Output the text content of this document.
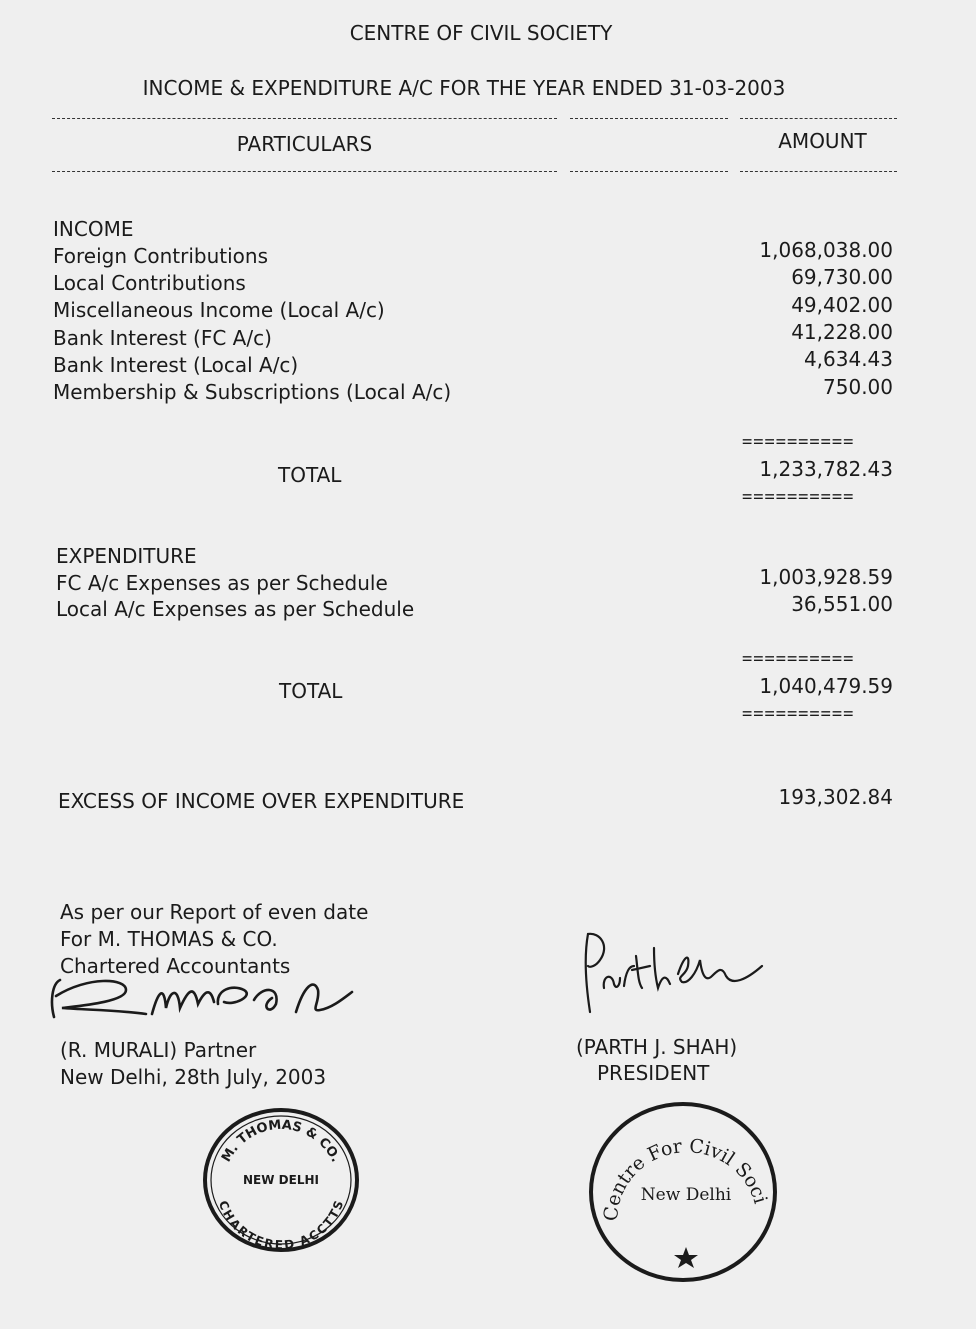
CENTRE OF CIVIL SOCIETY
INCOME & EXPENDITURE A/C FOR THE YEAR ENDED 31-03-2003
PARTICULARS	AMOUNT
INCOME
Foreign Contributions	1,068,038.00
Local Contributions	69,730.00
Miscellaneous Income (Local A/c)	49,402.00
Bank Interest (FC A/c)	41,228.00
Bank Interest (Local A/c)	4,634.43
Membership & Subscriptions (Local A/c)	750.00
==========
TOTAL	1,233,782.43
==========
EXPENDITURE
FC A/c Expenses as per Schedule	1,003,928.59
Local A/c Expenses as per Schedule	36,551.00
==========
TOTAL	1,040,479.59
==========
EXCESS OF INCOME OVER EXPENDITURE	193,302.84
As per our Report of even date
For M. THOMAS & CO.
Chartered Accountants
(R. MURALI) Partner
New Delhi, 28th July, 2003
M. THOMAS & CO.
CHARTERED ACCTTS
NEW DELHI
(PARTH J. SHAH)
PRESIDENT
Centre For Civil Society
New Delhi
